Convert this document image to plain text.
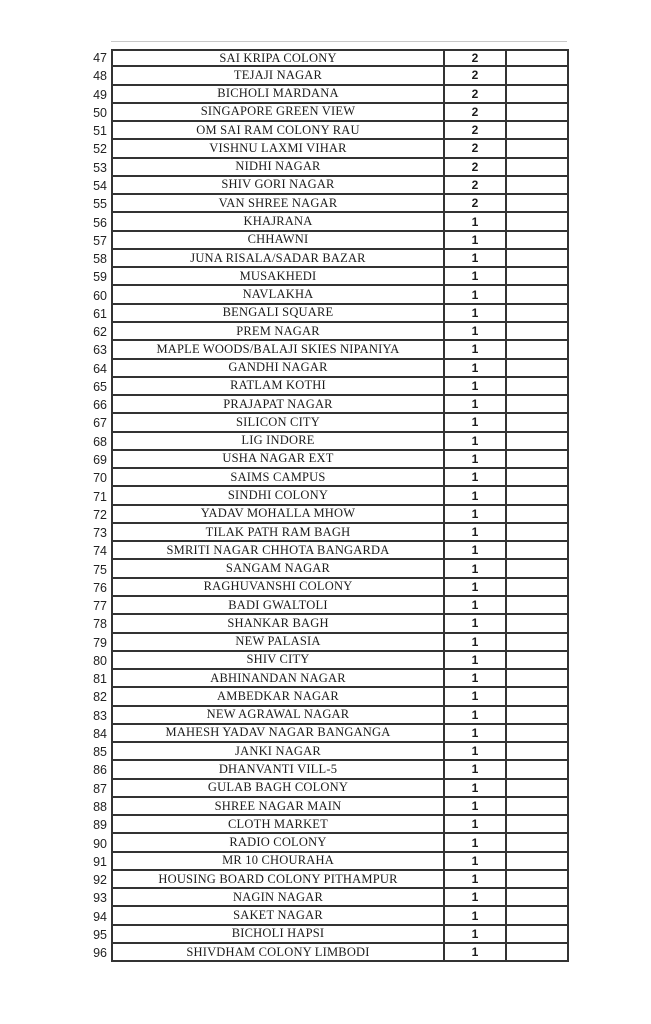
47	SAI KRIPA COLONY	2
48	TEJAJI NAGAR	2
49	BICHOLI MARDANA	2
50	SINGAPORE GREEN VIEW	2
51	OM SAI RAM COLONY RAU	2
52	VISHNU LAXMI VIHAR	2
53	NIDHI NAGAR	2
54	SHIV GORI NAGAR	2
55	VAN SHREE NAGAR	2
56	KHAJRANA	1
57	CHHAWNI	1
58	JUNA RISALA/SADAR BAZAR	1
59	MUSAKHEDI	1
60	NAVLAKHA	1
61	BENGALI SQUARE	1
62	PREM NAGAR	1
63	MAPLE WOODS/BALAJI SKIES NIPANIYA	1
64	GANDHI NAGAR	1
65	RATLAM KOTHI	1
66	PRAJAPAT NAGAR	1
67	SILICON CITY	1
68	LIG INDORE	1
69	USHA NAGAR EXT	1
70	SAIMS CAMPUS	1
71	SINDHI COLONY	1
72	YADAV MOHALLA MHOW	1
73	TILAK PATH RAM BAGH	1
74	SMRITI NAGAR CHHOTA BANGARDA	1
75	SANGAM NAGAR	1
76	RAGHUVANSHI COLONY	1
77	BADI GWALTOLI	1
78	SHANKAR BAGH	1
79	NEW PALASIA	1
80	SHIV CITY	1
81	ABHINANDAN NAGAR	1
82	AMBEDKAR NAGAR	1
83	NEW AGRAWAL NAGAR	1
84	MAHESH YADAV NAGAR BANGANGA	1
85	JANKI NAGAR	1
86	DHANVANTI VILL-5	1
87	GULAB BAGH COLONY	1
88	SHREE NAGAR MAIN	1
89	CLOTH MARKET	1
90	RADIO COLONY	1
91	MR 10 CHOURAHA	1
92	HOUSING BOARD COLONY PITHAMPUR	1
93	NAGIN NAGAR	1
94	SAKET NAGAR	1
95	BICHOLI HAPSI	1
96	SHIVDHAM COLONY LIMBODI	1
